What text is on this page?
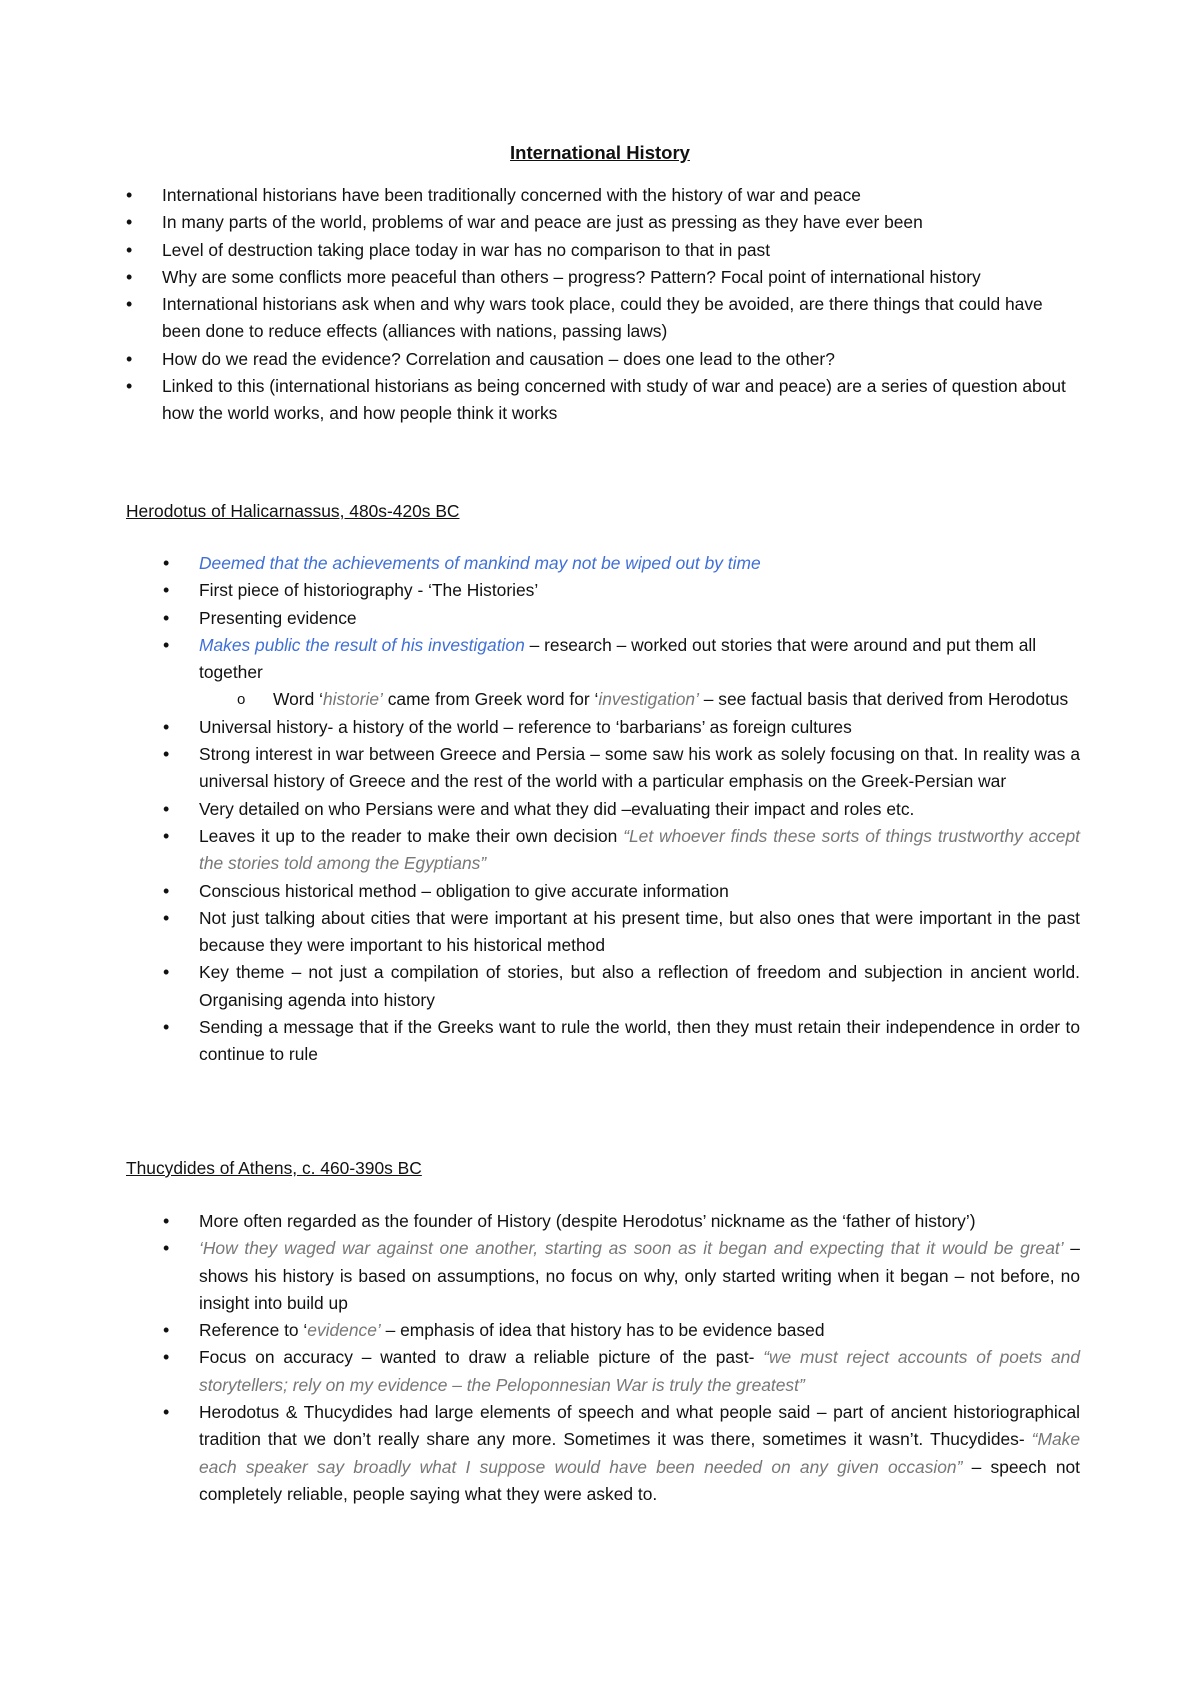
International History
• International historians have been traditionally concerned with the history of war and peace
• In many parts of the world, problems of war and peace are just as pressing as they have ever been
• Level of destruction taking place today in war has no comparison to that in past
• Why are some conflicts more peaceful than others – progress? Pattern? Focal point of international history
• International historians ask when and why wars took place, could they be avoided, are there things that could have been done to reduce effects (alliances with nations, passing laws)
• How do we read the evidence? Correlation and causation – does one lead to the other?
• Linked to this (international historians as being concerned with study of war and peace) are a series of question about how the world works, and how people think it works
Herodotus of Halicarnassus, 480s-420s BC
• Deemed that the achievements of mankind may not be wiped out by time
• First piece of historiography - ‘The Histories’
• Presenting evidence
• Makes public the result of his investigation – research – worked out stories that were around and put them all together
o Word ‘historie’ came from Greek word for ‘investigation’ – see factual basis that derived from Herodotus
• Universal history- a history of the world – reference to ‘barbarians’ as foreign cultures
• Strong interest in war between Greece and Persia – some saw his work as solely focusing on that. In reality was a universal history of Greece and the rest of the world with a particular emphasis on the Greek-Persian war
• Very detailed on who Persians were and what they did –evaluating their impact and roles etc.
• Leaves it up to the reader to make their own decision “Let whoever finds these sorts of things trustworthy accept the stories told among the Egyptians”
• Conscious historical method – obligation to give accurate information
• Not just talking about cities that were important at his present time, but also ones that were important in the past because they were important to his historical method
• Key theme – not just a compilation of stories, but also a reflection of freedom and subjection in ancient world. Organising agenda into history
• Sending a message that if the Greeks want to rule the world, then they must retain their independence in order to continue to rule
Thucydides of Athens, c. 460-390s BC
• More often regarded as the founder of History (despite Herodotus’ nickname as the ‘father of history’)
• ‘How they waged war against one another, starting as soon as it began and expecting that it would be great’ – shows his history is based on assumptions, no focus on why, only started writing when it began – not before, no insight into build up
• Reference to ‘evidence’ – emphasis of idea that history has to be evidence based
• Focus on accuracy – wanted to draw a reliable picture of the past- “we must reject accounts of poets and storytellers; rely on my evidence – the Peloponnesian War is truly the greatest”
• Herodotus & Thucydides had large elements of speech and what people said – part of ancient historiographical tradition that we don’t really share any more. Sometimes it was there, sometimes it wasn’t. Thucydides- “Make each speaker say broadly what I suppose would have been needed on any given occasion” – speech not completely reliable, people saying what they were asked to.
